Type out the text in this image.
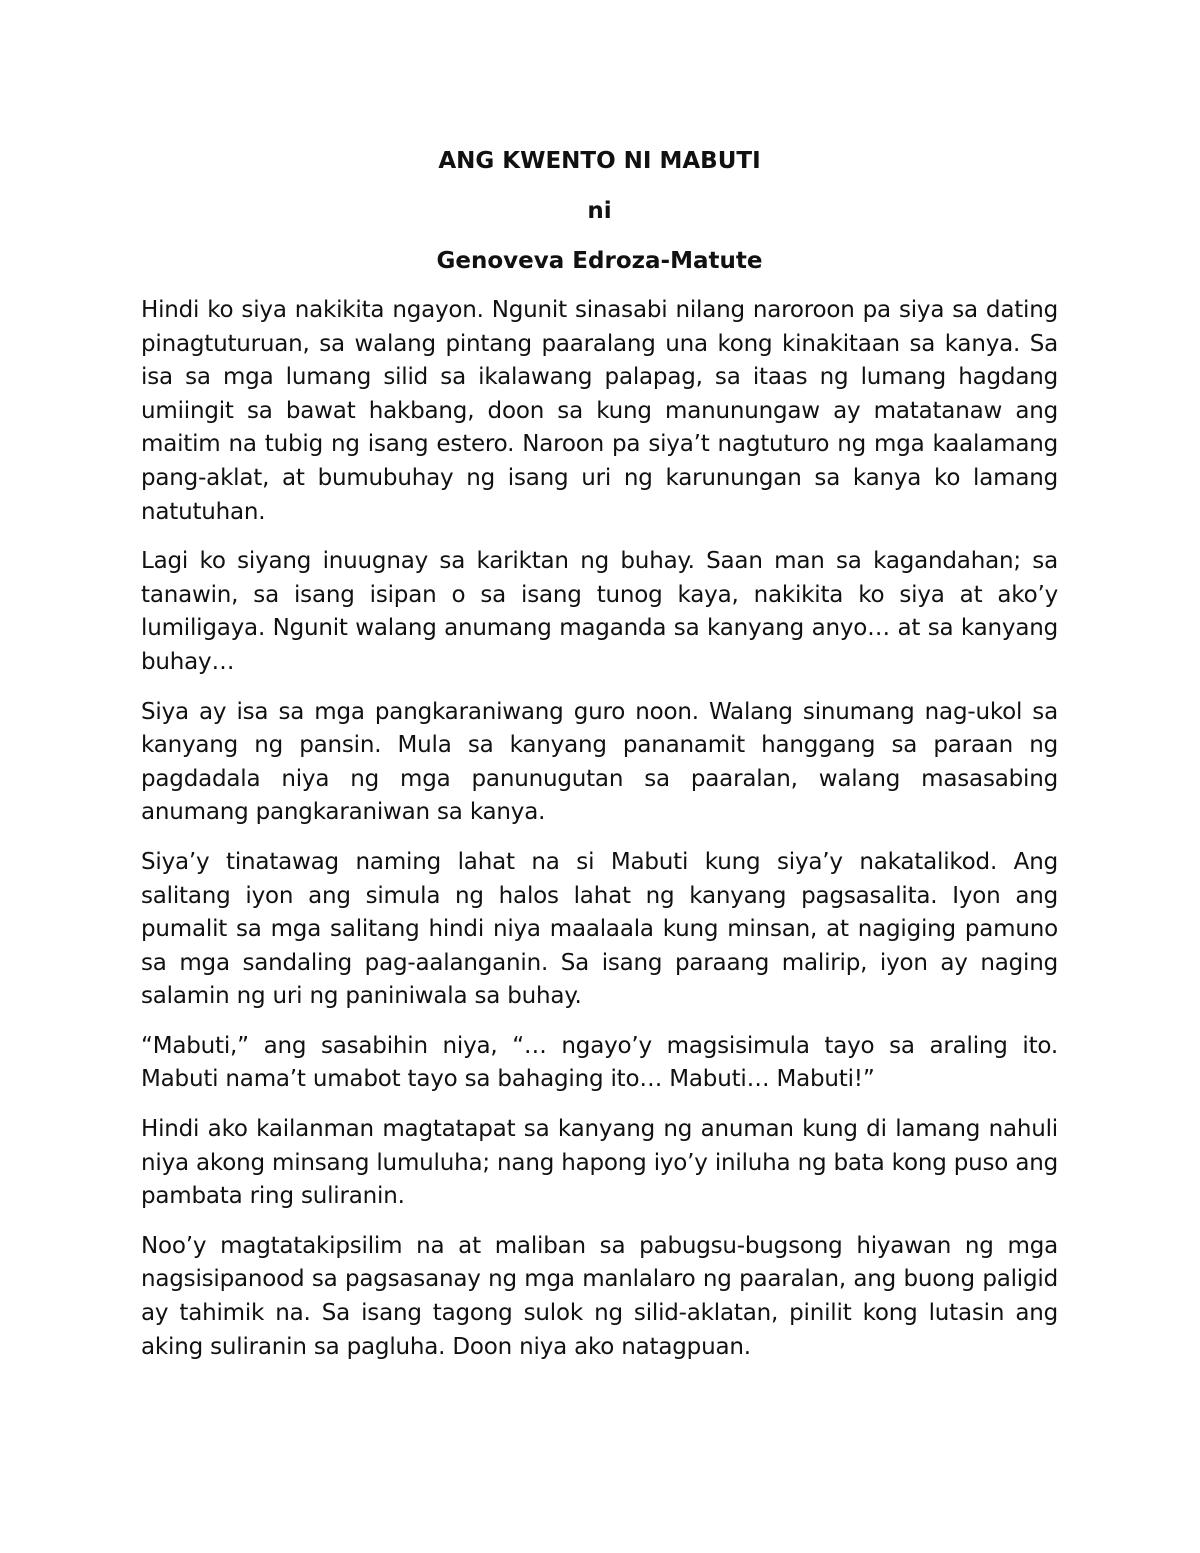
ANG KWENTO NI MABUTI
ni
Genoveva Edroza-Matute

Hindi ko siya nakikita ngayon. Ngunit sinasabi nilang naroroon pa siya sa dating pinagtuturuan, sa walang pintang paaralang una kong kinakitaan sa kanya. Sa isa sa mga lumang silid sa ikalawang palapag, sa itaas ng lumang hagdang umiingit sa bawat hakbang, doon sa kung manunungaw ay matatanaw ang maitim na tubig ng isang estero. Naroon pa siya’t nagtuturo ng mga kaalamang pang-aklat, at bumubuhay ng isang uri ng karunungan sa kanya ko lamang natutuhan.

Lagi ko siyang inuugnay sa kariktan ng buhay. Saan man sa kagandahan; sa tanawin, sa isang isipan o sa isang tunog kaya, nakikita ko siya at ako’y lumiligaya. Ngunit walang anumang maganda sa kanyang anyo… at sa kanyang buhay…

Siya ay isa sa mga pangkaraniwang guro noon. Walang sinumang nag-ukol sa kanyang ng pansin. Mula sa kanyang pananamit hanggang sa paraan ng pagdadala niya ng mga panunugutan sa paaralan, walang masasabing anumang pangkaraniwan sa kanya.

Siya’y tinatawag naming lahat na si Mabuti kung siya’y nakatalikod. Ang salitang iyon ang simula ng halos lahat ng kanyang pagsasalita. Iyon ang pumalit sa mga salitang hindi niya maalaala kung minsan, at nagiging pamuno sa mga sandaling pag-aalanganin. Sa isang paraang malirip, iyon ay naging salamin ng uri ng paniniwala sa buhay.

“Mabuti,” ang sasabihin niya, “… ngayo’y magsisimula tayo sa araling ito. Mabuti nama’t umabot tayo sa bahaging ito… Mabuti… Mabuti!”

Hindi ako kailanman magtatapat sa kanyang ng anuman kung di lamang nahuli niya akong minsang lumuluha; nang hapong iyo’y iniluha ng bata kong puso ang pambata ring suliranin.

Noo’y magtatakipsilim na at maliban sa pabugsu-bugsong hiyawan ng mga nagsisipanood sa pagsasanay ng mga manlalaro ng paaralan, ang buong paligid ay tahimik na. Sa isang tagong sulok ng silid-aklatan, pinilit kong lutasin ang aking suliranin sa pagluha. Doon niya ako natagpuan.
